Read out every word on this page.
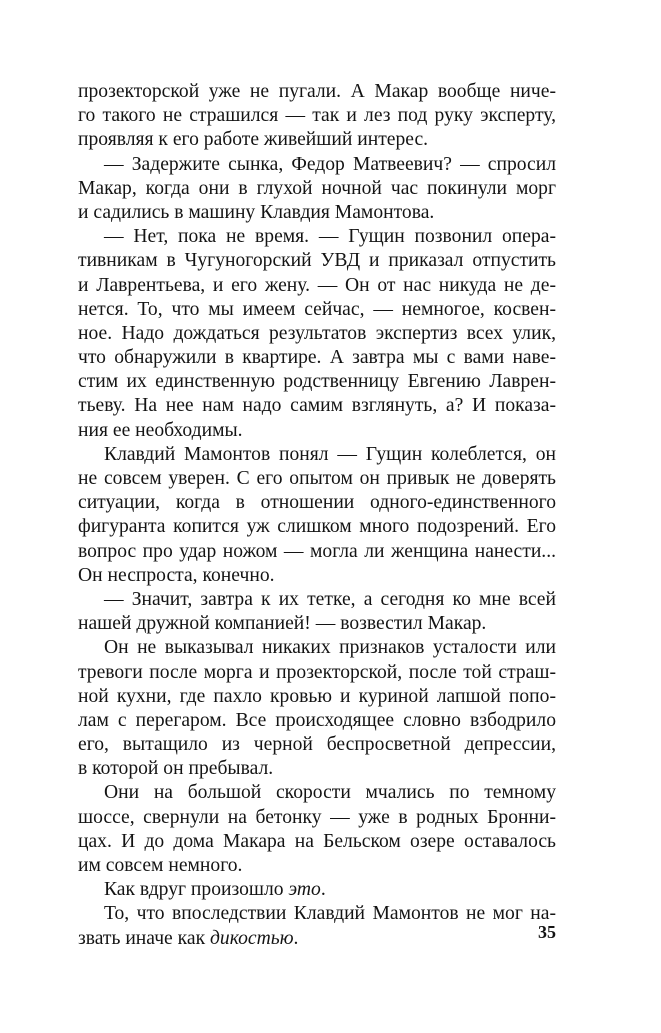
прозекторской уже не пугали. А Макар вообще ниче-
го такого не страшился — так и лез под руку эксперту,
проявляя к его работе живейший интерес.
— Задержите сынка, Федор Матвеевич? — спросил
Макар, когда они в глухой ночной час покинули морг
и садились в машину Клавдия Мамонтова.
— Нет, пока не время. — Гущин позвонил опера-
тивникам в Чугуногорский УВД и приказал отпустить
и Лаврентьева, и его жену. — Он от нас никуда не де-
нется. То, что мы имеем сейчас, — немногое, косвен-
ное. Надо дождаться результатов экспертиз всех улик,
что обнаружили в квартире. А завтра мы с вами наве-
стим их единственную родственницу Евгению Лаврен-
тьеву. На нее нам надо самим взглянуть, а? И показа-
ния ее необходимы.
Клавдий Мамонтов понял — Гущин колеблется, он
не совсем уверен. С его опытом он привык не доверять
ситуации, когда в отношении одного-единственного
фигуранта копится уж слишком много подозрений. Его
вопрос про удар ножом — могла ли женщина нанести...
Он неспроста, конечно.
— Значит, завтра к их тетке, а сегодня ко мне всей
нашей дружной компанией! — возвестил Макар.
Он не выказывал никаких признаков усталости или
тревоги после морга и прозекторской, после той страш-
ной кухни, где пахло кровью и куриной лапшой попо-
лам с перегаром. Все происходящее словно взбодрило
его, вытащило из черной беспросветной депрессии,
в которой он пребывал.
Они на большой скорости мчались по темному
шоссе, свернули на бетонку — уже в родных Бронни-
цах. И до дома Макара на Бельском озере оставалось
им совсем немного.
Как вдруг произошло это.
То, что впоследствии Клавдий Мамонтов не мог на-
звать иначе как дикостью.	35
